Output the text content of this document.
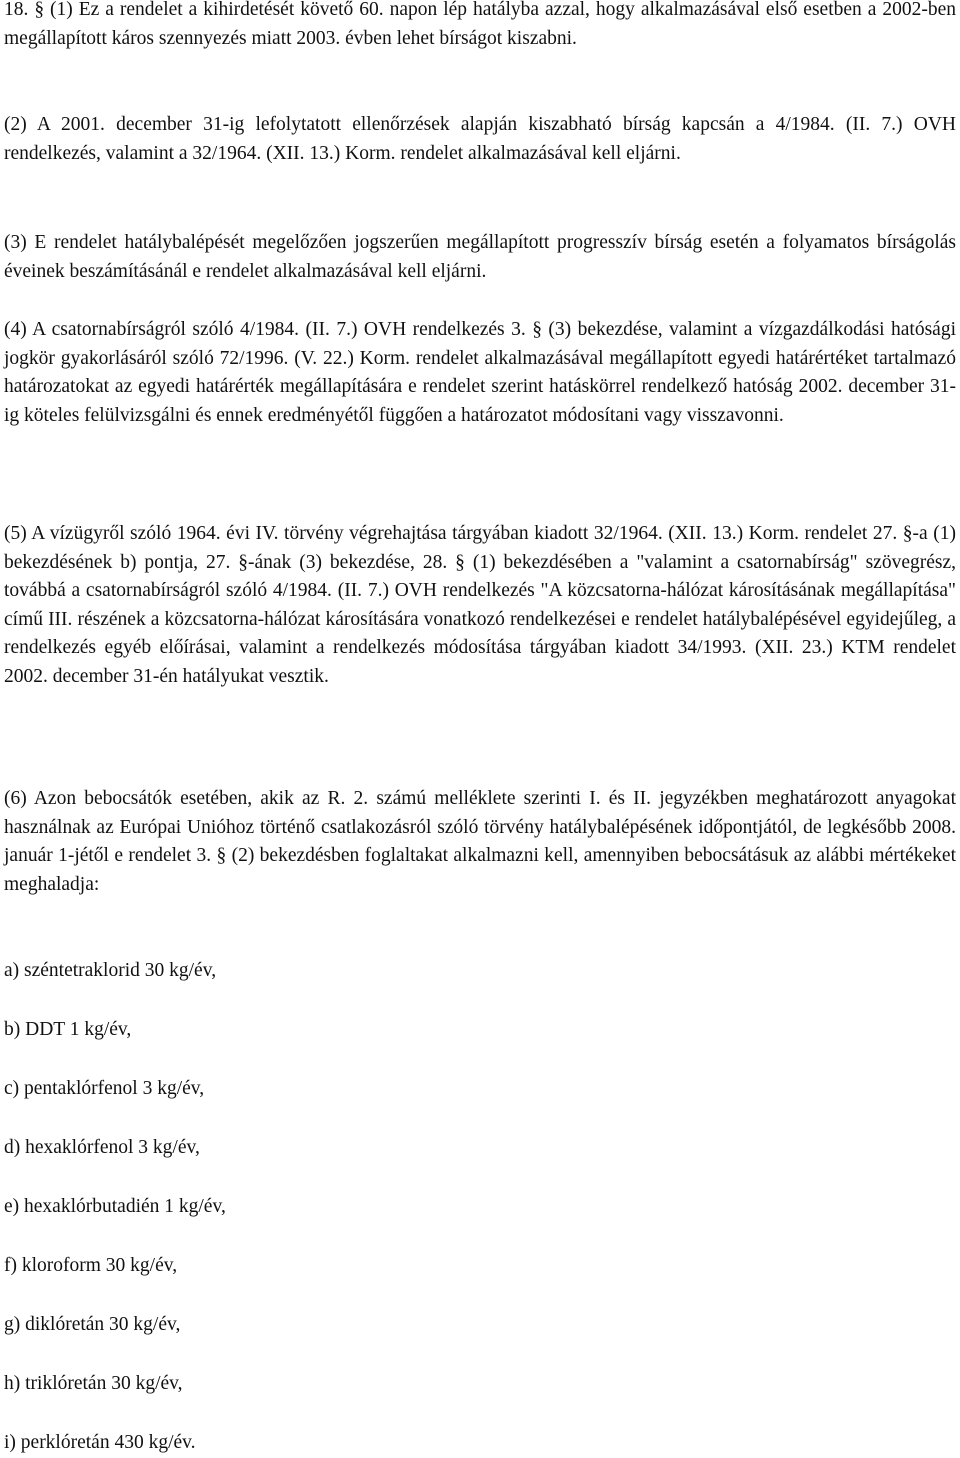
18. § (1) Ez a rendelet a kihirdetését követő 60. napon lép hatályba azzal, hogy alkalmazásával első esetben a 2002-ben megállapított káros szennyezés miatt 2003. évben lehet bírságot kiszabni.

(2) A 2001. december 31-ig lefolytatott ellenőrzések alapján kiszabható bírság kapcsán a 4/1984. (II. 7.) OVH rendelkezés, valamint a 32/1964. (XII. 13.) Korm. rendelet alkalmazásával kell eljárni.

(3) E rendelet hatálybalépését megelőzően jogszerűen megállapított progresszív bírság esetén a folyamatos bírságolás éveinek beszámításánál e rendelet alkalmazásával kell eljárni.

(4) A csatornabírságról szóló 4/1984. (II. 7.) OVH rendelkezés 3. § (3) bekezdése, valamint a vízgazdálkodási hatósági jogkör gyakorlásáról szóló 72/1996. (V. 22.) Korm. rendelet alkalmazásával megállapított egyedi határértéket tartalmazó határozatokat az egyedi határérték megállapítására e rendelet szerint hatáskörrel rendelkező hatóság 2002. december 31-ig köteles felülvizsgálni és ennek eredményétől függően a határozatot módosítani vagy visszavonni.

(5) A vízügyről szóló 1964. évi IV. törvény végrehajtása tárgyában kiadott 32/1964. (XII. 13.) Korm. rendelet 27. §-a (1) bekezdésének b) pontja, 27. §-ának (3) bekezdése, 28. § (1) bekezdésében a "valamint a csatornabírság" szövegrész, továbbá a csatornabírságról szóló 4/1984. (II. 7.) OVH rendelkezés "A közcsatorna-hálózat károsításának megállapítása" című III. részének a közcsatorna-hálózat károsítására vonatkozó rendelkezései e rendelet hatálybalépésével egyidejűleg, a rendelkezés egyéb előírásai, valamint a rendelkezés módosítása tárgyában kiadott 34/1993. (XII. 23.) KTM rendelet 2002. december 31-én hatályukat vesztik.

(6) Azon bebocsátók esetében, akik az R. 2. számú melléklete szerinti I. és II. jegyzékben meghatározott anyagokat használnak az Európai Unióhoz történő csatlakozásról szóló törvény hatálybalépésének időpontjától, de legkésőbb 2008. január 1-jétől e rendelet 3. § (2) bekezdésben foglaltakat alkalmazni kell, amennyiben bebocsátásuk az alábbi mértékeket meghaladja:

a) széntetraklorid 30 kg/év,

b) DDT 1 kg/év,

c) pentaklórfenol 3 kg/év,

d) hexaklórfenol 3 kg/év,

e) hexaklórbutadién 1 kg/év,

f) kloroform 30 kg/év,

g) diklóretán 30 kg/év,

h) triklóretán 30 kg/év,

i) perklóretán 430 kg/év.
